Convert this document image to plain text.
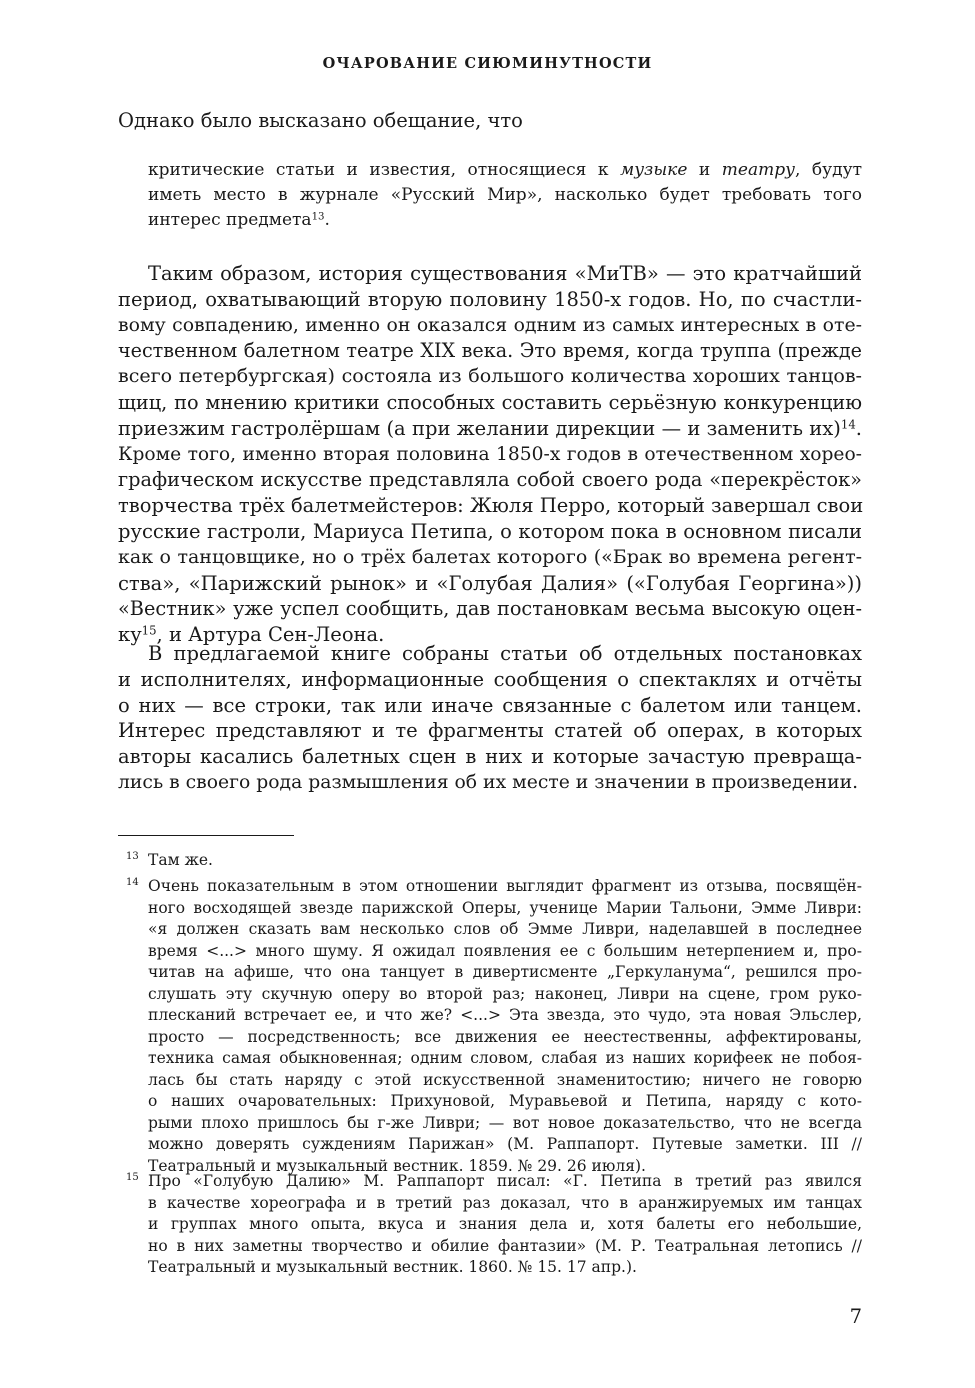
ОЧАРОВАНИЕ СИЮМИНУТНОСТИ
Однако было высказано обещание, что
критические статьи и известия, относящиеся к музыке и театру, будут
иметь место в журнале «Русский Мир», насколько будет требовать того
интерес предмета$^{13}$.
Таким образом, история существования «МиТВ» — это кратчайший
период, охватывающий вторую половину 1850-х годов. Но, по счастли-
вому совпадению, именно он оказался одним из самых интересных в оте-
чественном балетном театре XIX века. Это время, когда труппа (прежде
всего петербургская) состояла из большого количества хороших танцов-
щиц, по мнению критики способных составить серьёзную конкуренцию
приезжим гастролёршам (а при желании дирекции — и заменить их)$^{14}$.
Кроме того, именно вторая половина 1850-х годов в отечественном хорео-
графическом искусстве представляла собой своего рода «перекрёсток»
творчества трёх балетмейстеров: Жюля Перро, который завершал свои
русские гастроли, Мариуса Петипа, о котором пока в основном писали
как о танцовщике, но о трёх балетах которого («Брак во времена регент-
ства», «Парижский рынок» и «Голубая Далия» («Голубая Георгина»))
«Вестник» уже успел сообщить, дав постановкам весьма высокую оцен-
$ку^{15}$, и Артура Сен-Леона.
В предлагаемой книге собраны статьи об отдельных постановках
и исполнителях, информационные сообщения о спектаклях и отчёты
о них — все строки, так или иначе связанные с балетом или танцем.
Интерес представляют и те фрагменты статей об операх, в которых
авторы касались балетных сцен в них и которые зачастую превраща-
лись в своего рода размышления об их месте и значении в произведении.
13 Там же.
14 Очень показательным в этом отношении выглядит фрагмент из отзыва, посвящён-
ного восходящей звезде парижской Оперы, ученице Марии Тальони, Эмме Ливри:
«я должен сказать вам несколько слов об Эмме Ливри, наделавшей в последнее
время <...> много шуму. Я ожидал появления ее с большим нетерпением и, про-
читав на афише, что она танцует в дивертисменте „Геркуланума“, решился про-
слушать эту скучную оперу во второй раз; наконец, Ливри на сцене, гром руко-
плесканий встречает ее, и что же? <...> Эта звезда, это чудо, эта новая Эльслер,
просто — посредственность; все движения ее неестественны, аффектированы,
техника самая обыкновенная; одним словом, слабая из наших корифеек не побоя-
лась бы стать наряду с этой искусственной знаменитостию; ничего не говорю
о наших очаровательных: Прихуновой, Муравьевой и Петипа, наряду с кото-
рыми плохо пришлось бы г-же Ливри; — вот новое доказательство, что не всегда
можно доверять суждениям Парижан» (М. Раппапорт. Путевые заметки. III //
Театральный и музыкальный вестник. 1859. № 29. 26 июля).
15 Про «Голубую Далию» М. Раппапорт писал: «Г. Петипа в третий раз явился
в качестве хореографа и в третий раз доказал, что в аранжируемых им танцах
и группах много опыта, вкуса и знания дела и, хотя балеты его небольшие,
но в них заметны творчество и обилие фантазии» (М. Р. Театральная летопись //
Театральный и музыкальный вестник. 1860. № 15. 17 апр.).
7
